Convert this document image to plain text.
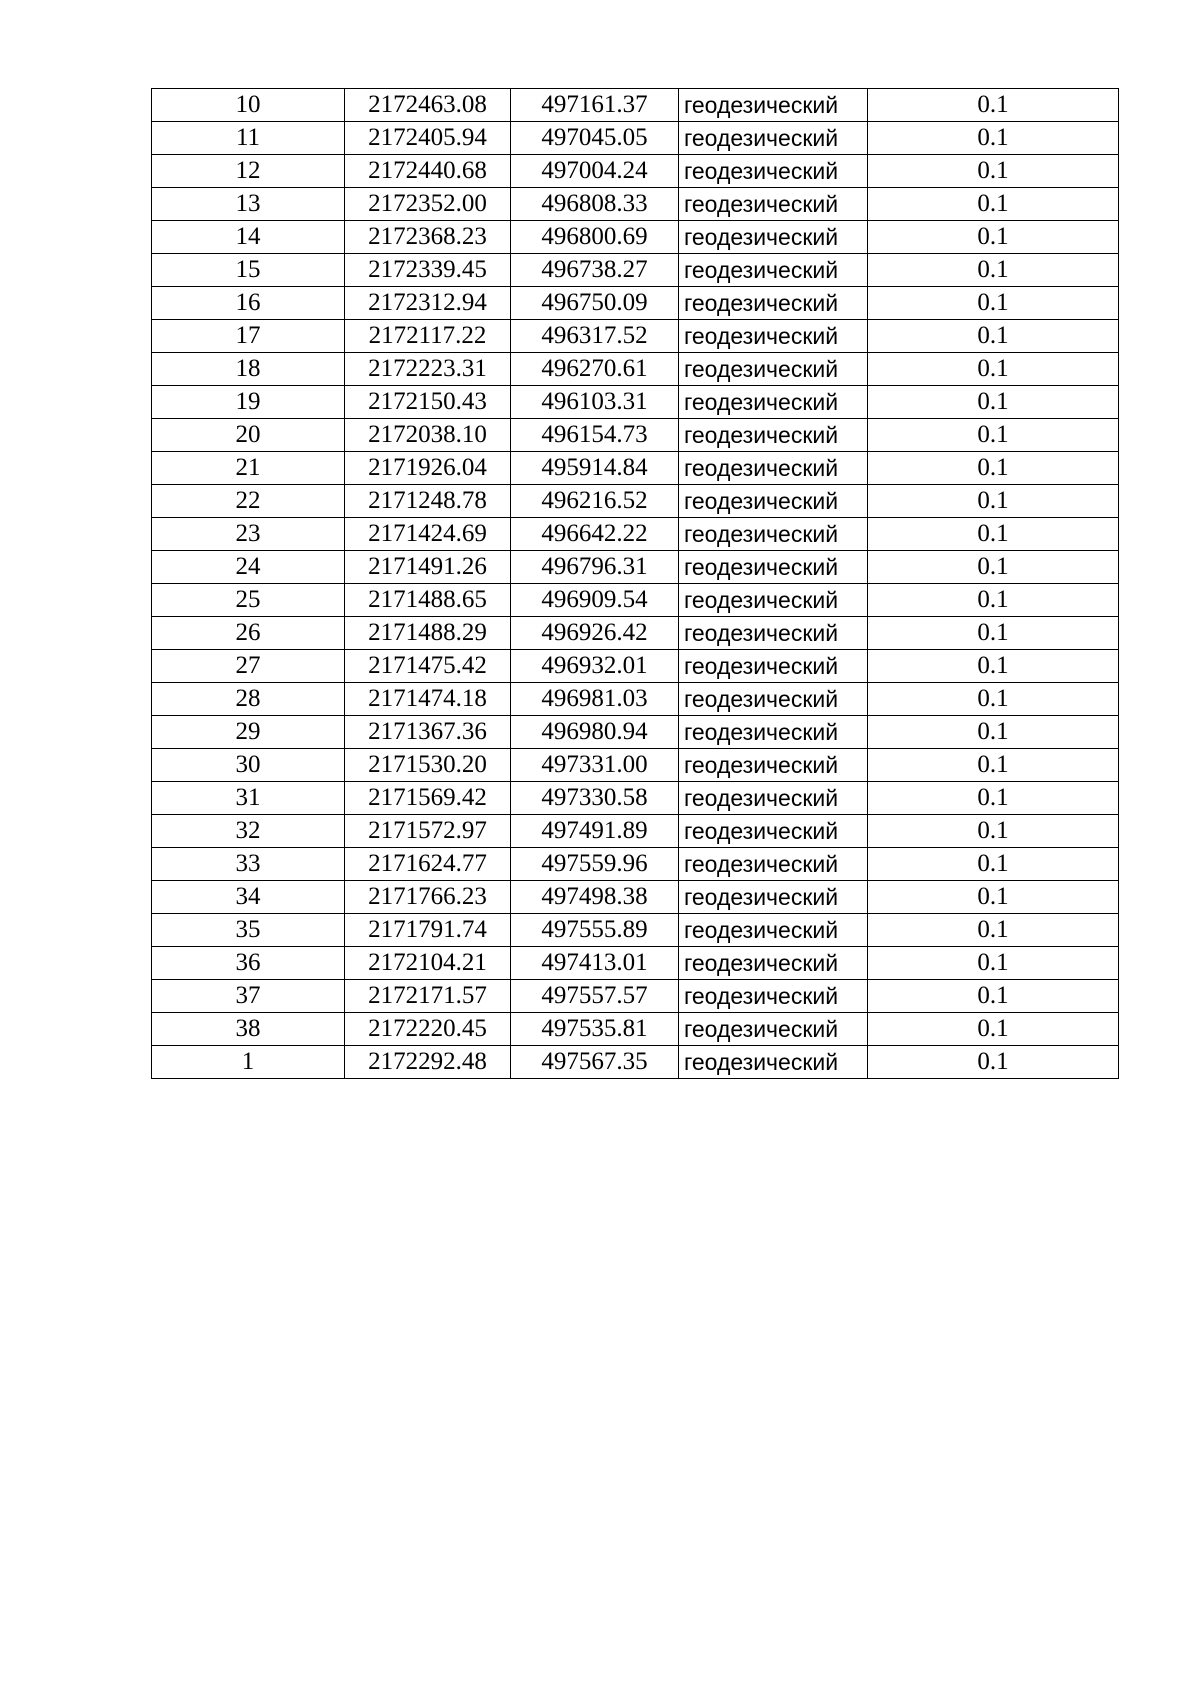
10	2172463.08	497161.37	геодезический	0.1
11	2172405.94	497045.05	геодезический	0.1
12	2172440.68	497004.24	геодезический	0.1
13	2172352.00	496808.33	геодезический	0.1
14	2172368.23	496800.69	геодезический	0.1
15	2172339.45	496738.27	геодезический	0.1
16	2172312.94	496750.09	геодезический	0.1
17	2172117.22	496317.52	геодезический	0.1
18	2172223.31	496270.61	геодезический	0.1
19	2172150.43	496103.31	геодезический	0.1
20	2172038.10	496154.73	геодезический	0.1
21	2171926.04	495914.84	геодезический	0.1
22	2171248.78	496216.52	геодезический	0.1
23	2171424.69	496642.22	геодезический	0.1
24	2171491.26	496796.31	геодезический	0.1
25	2171488.65	496909.54	геодезический	0.1
26	2171488.29	496926.42	геодезический	0.1
27	2171475.42	496932.01	геодезический	0.1
28	2171474.18	496981.03	геодезический	0.1
29	2171367.36	496980.94	геодезический	0.1
30	2171530.20	497331.00	геодезический	0.1
31	2171569.42	497330.58	геодезический	0.1
32	2171572.97	497491.89	геодезический	0.1
33	2171624.77	497559.96	геодезический	0.1
34	2171766.23	497498.38	геодезический	0.1
35	2171791.74	497555.89	геодезический	0.1
36	2172104.21	497413.01	геодезический	0.1
37	2172171.57	497557.57	геодезический	0.1
38	2172220.45	497535.81	геодезический	0.1
1	2172292.48	497567.35	геодезический	0.1
